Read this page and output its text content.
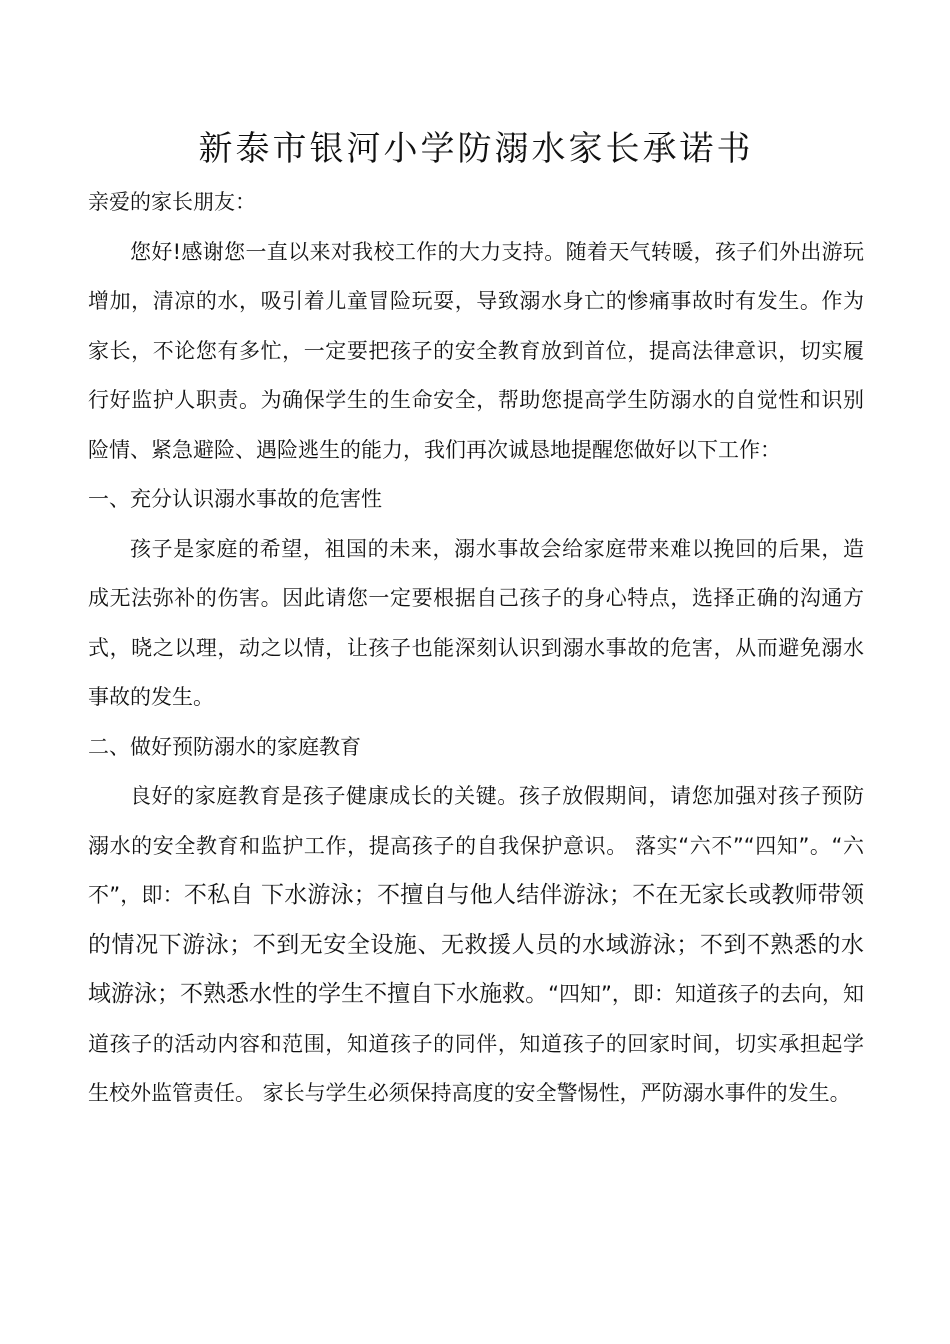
新泰市银河小学防溺水家长承诺书

亲爱的家长朋友：

您好!感谢您一直以来对我校工作的大力支持。随着天气转暖，孩子们外出游玩增加，清凉的水，吸引着儿童冒险玩耍，导致溺水身亡的惨痛事故时有发生。作为家长，不论您有多忙，一定要把孩子的安全教育放到首位，提高法律意识，切实履行好监护人职责。为确保学生的生命安全，帮助您提高学生防溺水的自觉性和识别险情、紧急避险、遇险逃生的能力，我们再次诚恳地提醒您做好以下工作：

一、充分认识溺水事故的危害性

孩子是家庭的希望，祖国的未来，溺水事故会给家庭带来难以挽回的后果，造成无法弥补的伤害。因此请您一定要根据自己孩子的身心特点，选择正确的沟通方式，晓之以理，动之以情，让孩子也能深刻认识到溺水事故的危害，从而避免溺水事故的发生。

二、做好预防溺水的家庭教育

良好的家庭教育是孩子健康成长的关键。孩子放假期间，请您加强对孩子预防溺水的安全教育和监护工作，提高孩子的自我保护意识。 落实“六不”“四知”。“六不”，即：不私自 下水游泳；不擅自与他人结伴游泳；不在无家长或教师带领的情况下游泳；不到无安全设施、无救援人员的水域游泳；不到不熟悉的水域游泳；不熟悉水性的学生不擅自下水施救。“四知”，即：知道孩子的去向，知道孩子的活动内容和范围，知道孩子的同伴，知道孩子的回家时间，切实承担起学生校外监管责任。 家长与学生必须保持高度的安全警惕性，严防溺水事件的发生。
